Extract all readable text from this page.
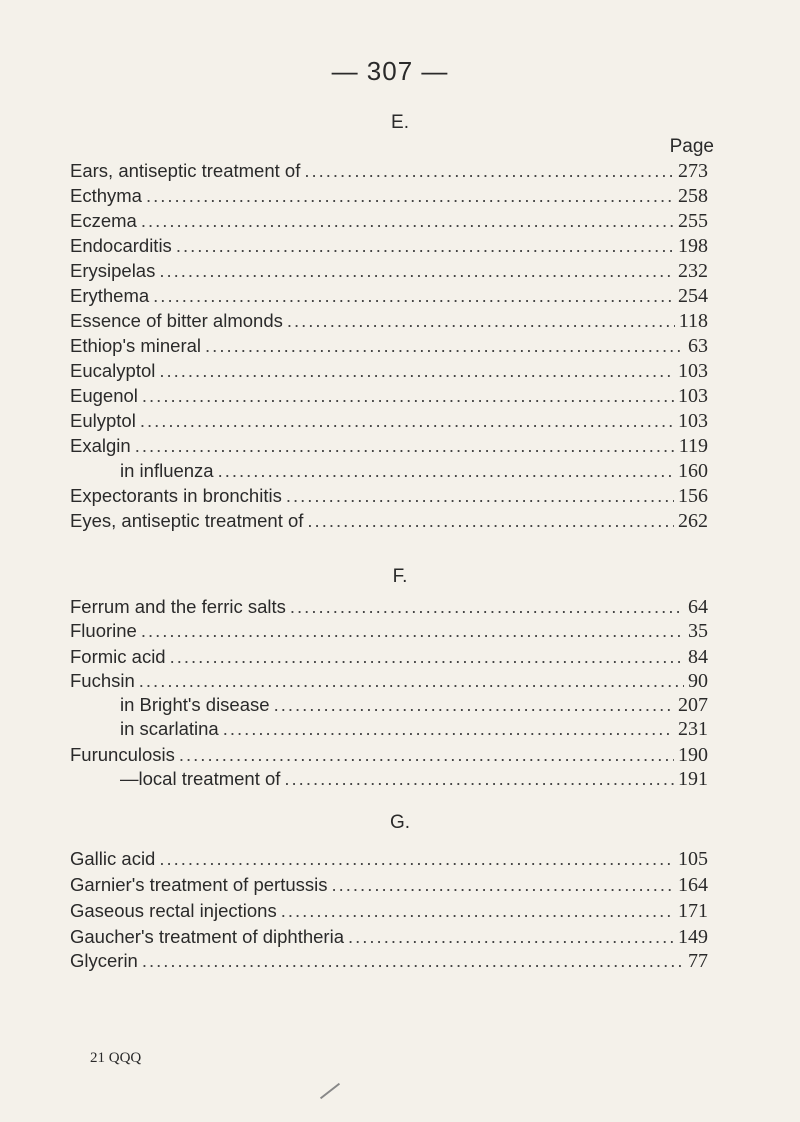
— 307 —
Page
E.
F.
G.
Ears, antiseptic treatment of .....	273
Ecthyma .....	258
Eczema .....	255
Endocarditis .....	198
Erysipelas .....	232
Erythema .....	254
Essence of bitter almonds .....	118
Ethiop's mineral .....	63
Eucalyptol .....	103
Eugenol .....	103
Eulyptol .....	103
Exalgin .....	119
in influenza .....	160
Expectorants in bronchitis .....	156
Eyes, antiseptic treatment of .....	262
Ferrum and the ferric salts .....	64
Fluorine .....	35
Formic acid .....	84
Fuchsin .....	90
in Bright's disease .....	207
in scarlatina .....	231
Furunculosis .....	190
—local treatment of .....	191
Gallic acid .....	105
Garnier's treatment of pertussis .....	164
Gaseous rectal injections .....	171
Gaucher's treatment of diphtheria .....	149
Glycerin .....	77
21 QQQ
